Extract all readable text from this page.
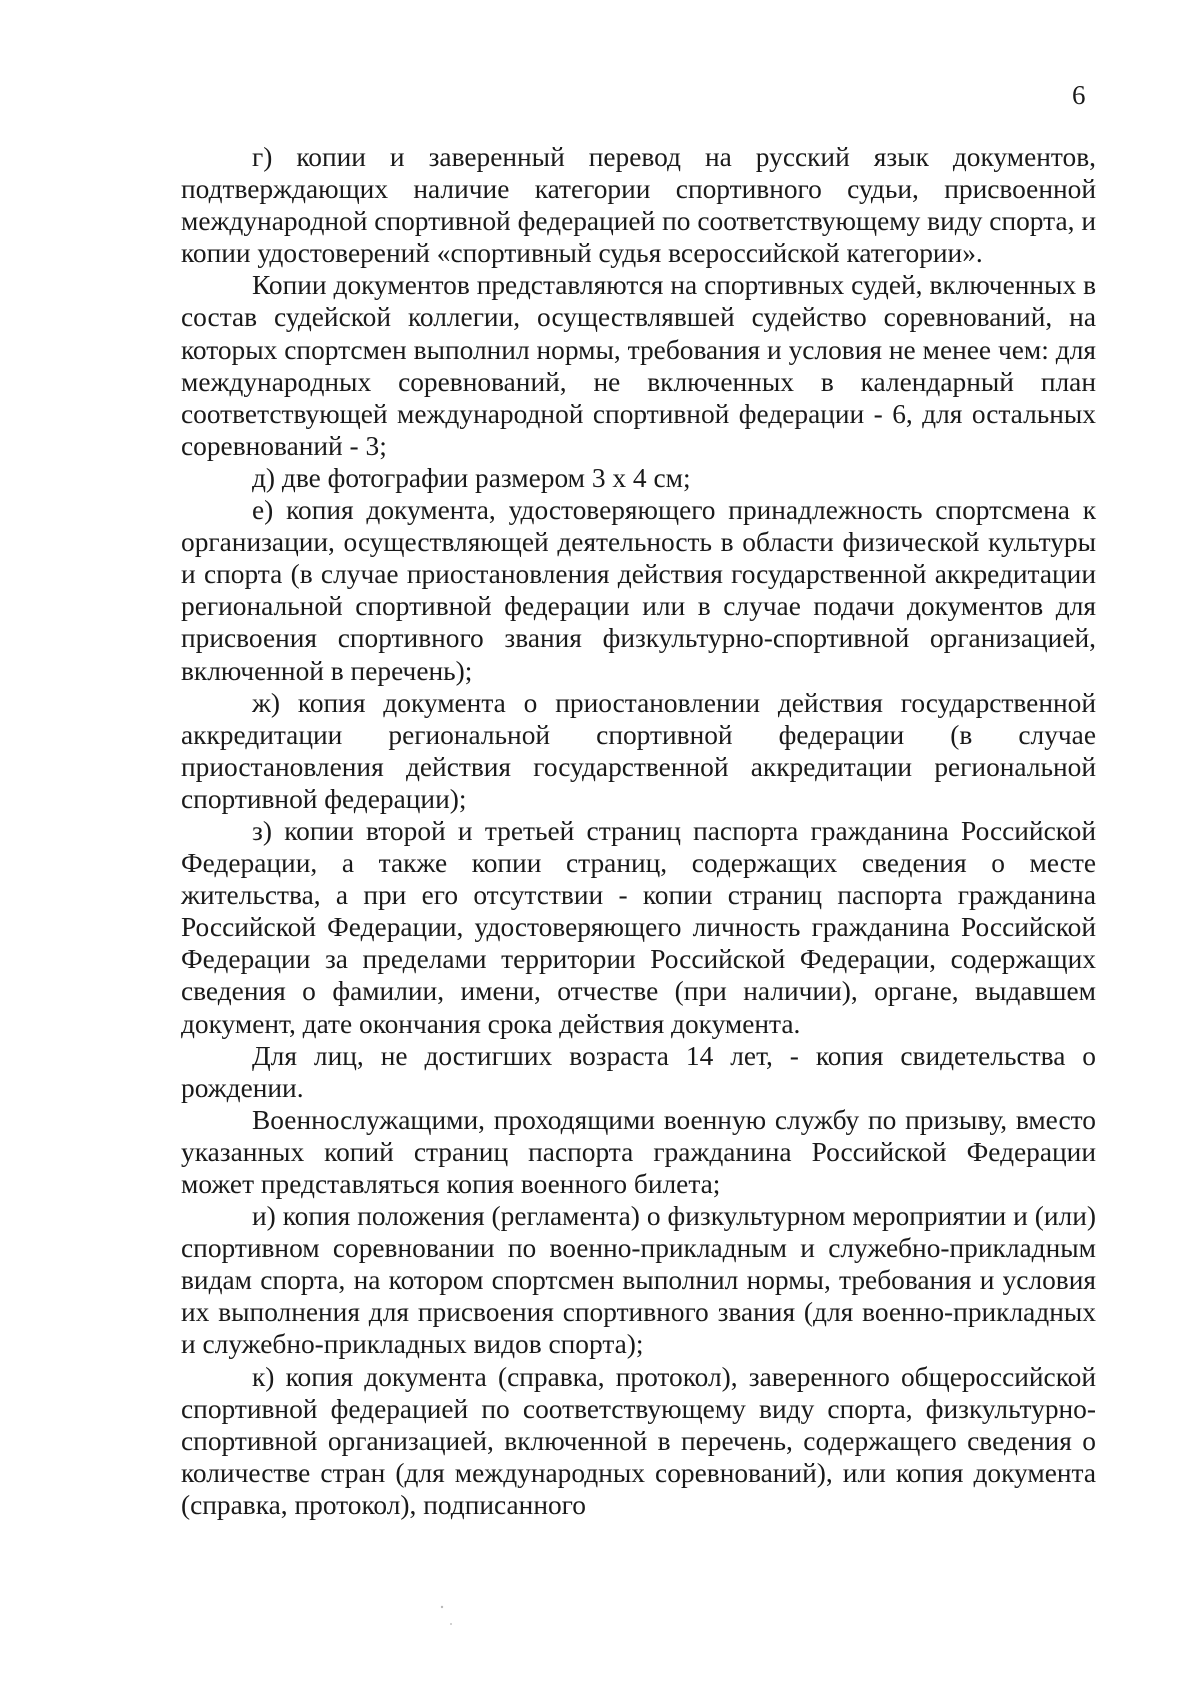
6

г) копии и заверенный перевод на русский язык документов, подтверждающих наличие категории спортивного судьи, присвоенной международной спортивной федерацией по соответствующему виду спорта, и копии удостоверений «спортивный судья всероссийской категории».

Копии документов представляются на спортивных судей, включенных в состав судейской коллегии, осуществлявшей судейство соревнований, на которых спортсмен выполнил нормы, требования и условия не менее чем: для международных соревнований, не включенных в календарный план соответствующей международной спортивной федерации - 6, для остальных соревнований - 3;

д) две фотографии размером 3 х 4 см;

е) копия документа, удостоверяющего принадлежность спортсмена к организации, осуществляющей деятельность в области физической культуры и спорта (в случае приостановления действия государственной аккредитации региональной спортивной федерации или в случае подачи документов для присвоения спортивного звания физкультурно-спортивной организацией, включенной в перечень);

ж) копия документа о приостановлении действия государственной аккредитации региональной спортивной федерации (в случае приостановления действия государственной аккредитации региональной спортивной федерации);

з) копии второй и третьей страниц паспорта гражданина Российской Федерации, а также копии страниц, содержащих сведения о месте жительства, а при его отсутствии - копии страниц паспорта гражданина Российской Федерации, удостоверяющего личность гражданина Российской Федерации за пределами территории Российской Федерации, содержащих сведения о фамилии, имени, отчестве (при наличии), органе, выдавшем документ, дате окончания срока действия документа.

Для лиц, не достигших возраста 14 лет, - копия свидетельства о рождении.

Военнослужащими, проходящими военную службу по призыву, вместо указанных копий страниц паспорта гражданина Российской Федерации может представляться копия военного билета;

и) копия положения (регламента) о физкультурном мероприятии и (или) спортивном соревновании по военно-прикладным и служебно-прикладным видам спорта, на котором спортсмен выполнил нормы, требования и условия их выполнения для присвоения спортивного звания (для военно-прикладных и служебно-прикладных видов спорта);

к) копия документа (справка, протокол), заверенного общероссийской спортивной федерацией по соответствующему виду спорта, физкультурно-спортивной организацией, включенной в перечень, содержащего сведения о количестве стран (для международных соревнований), или копия документа (справка, протокол), подписанного
